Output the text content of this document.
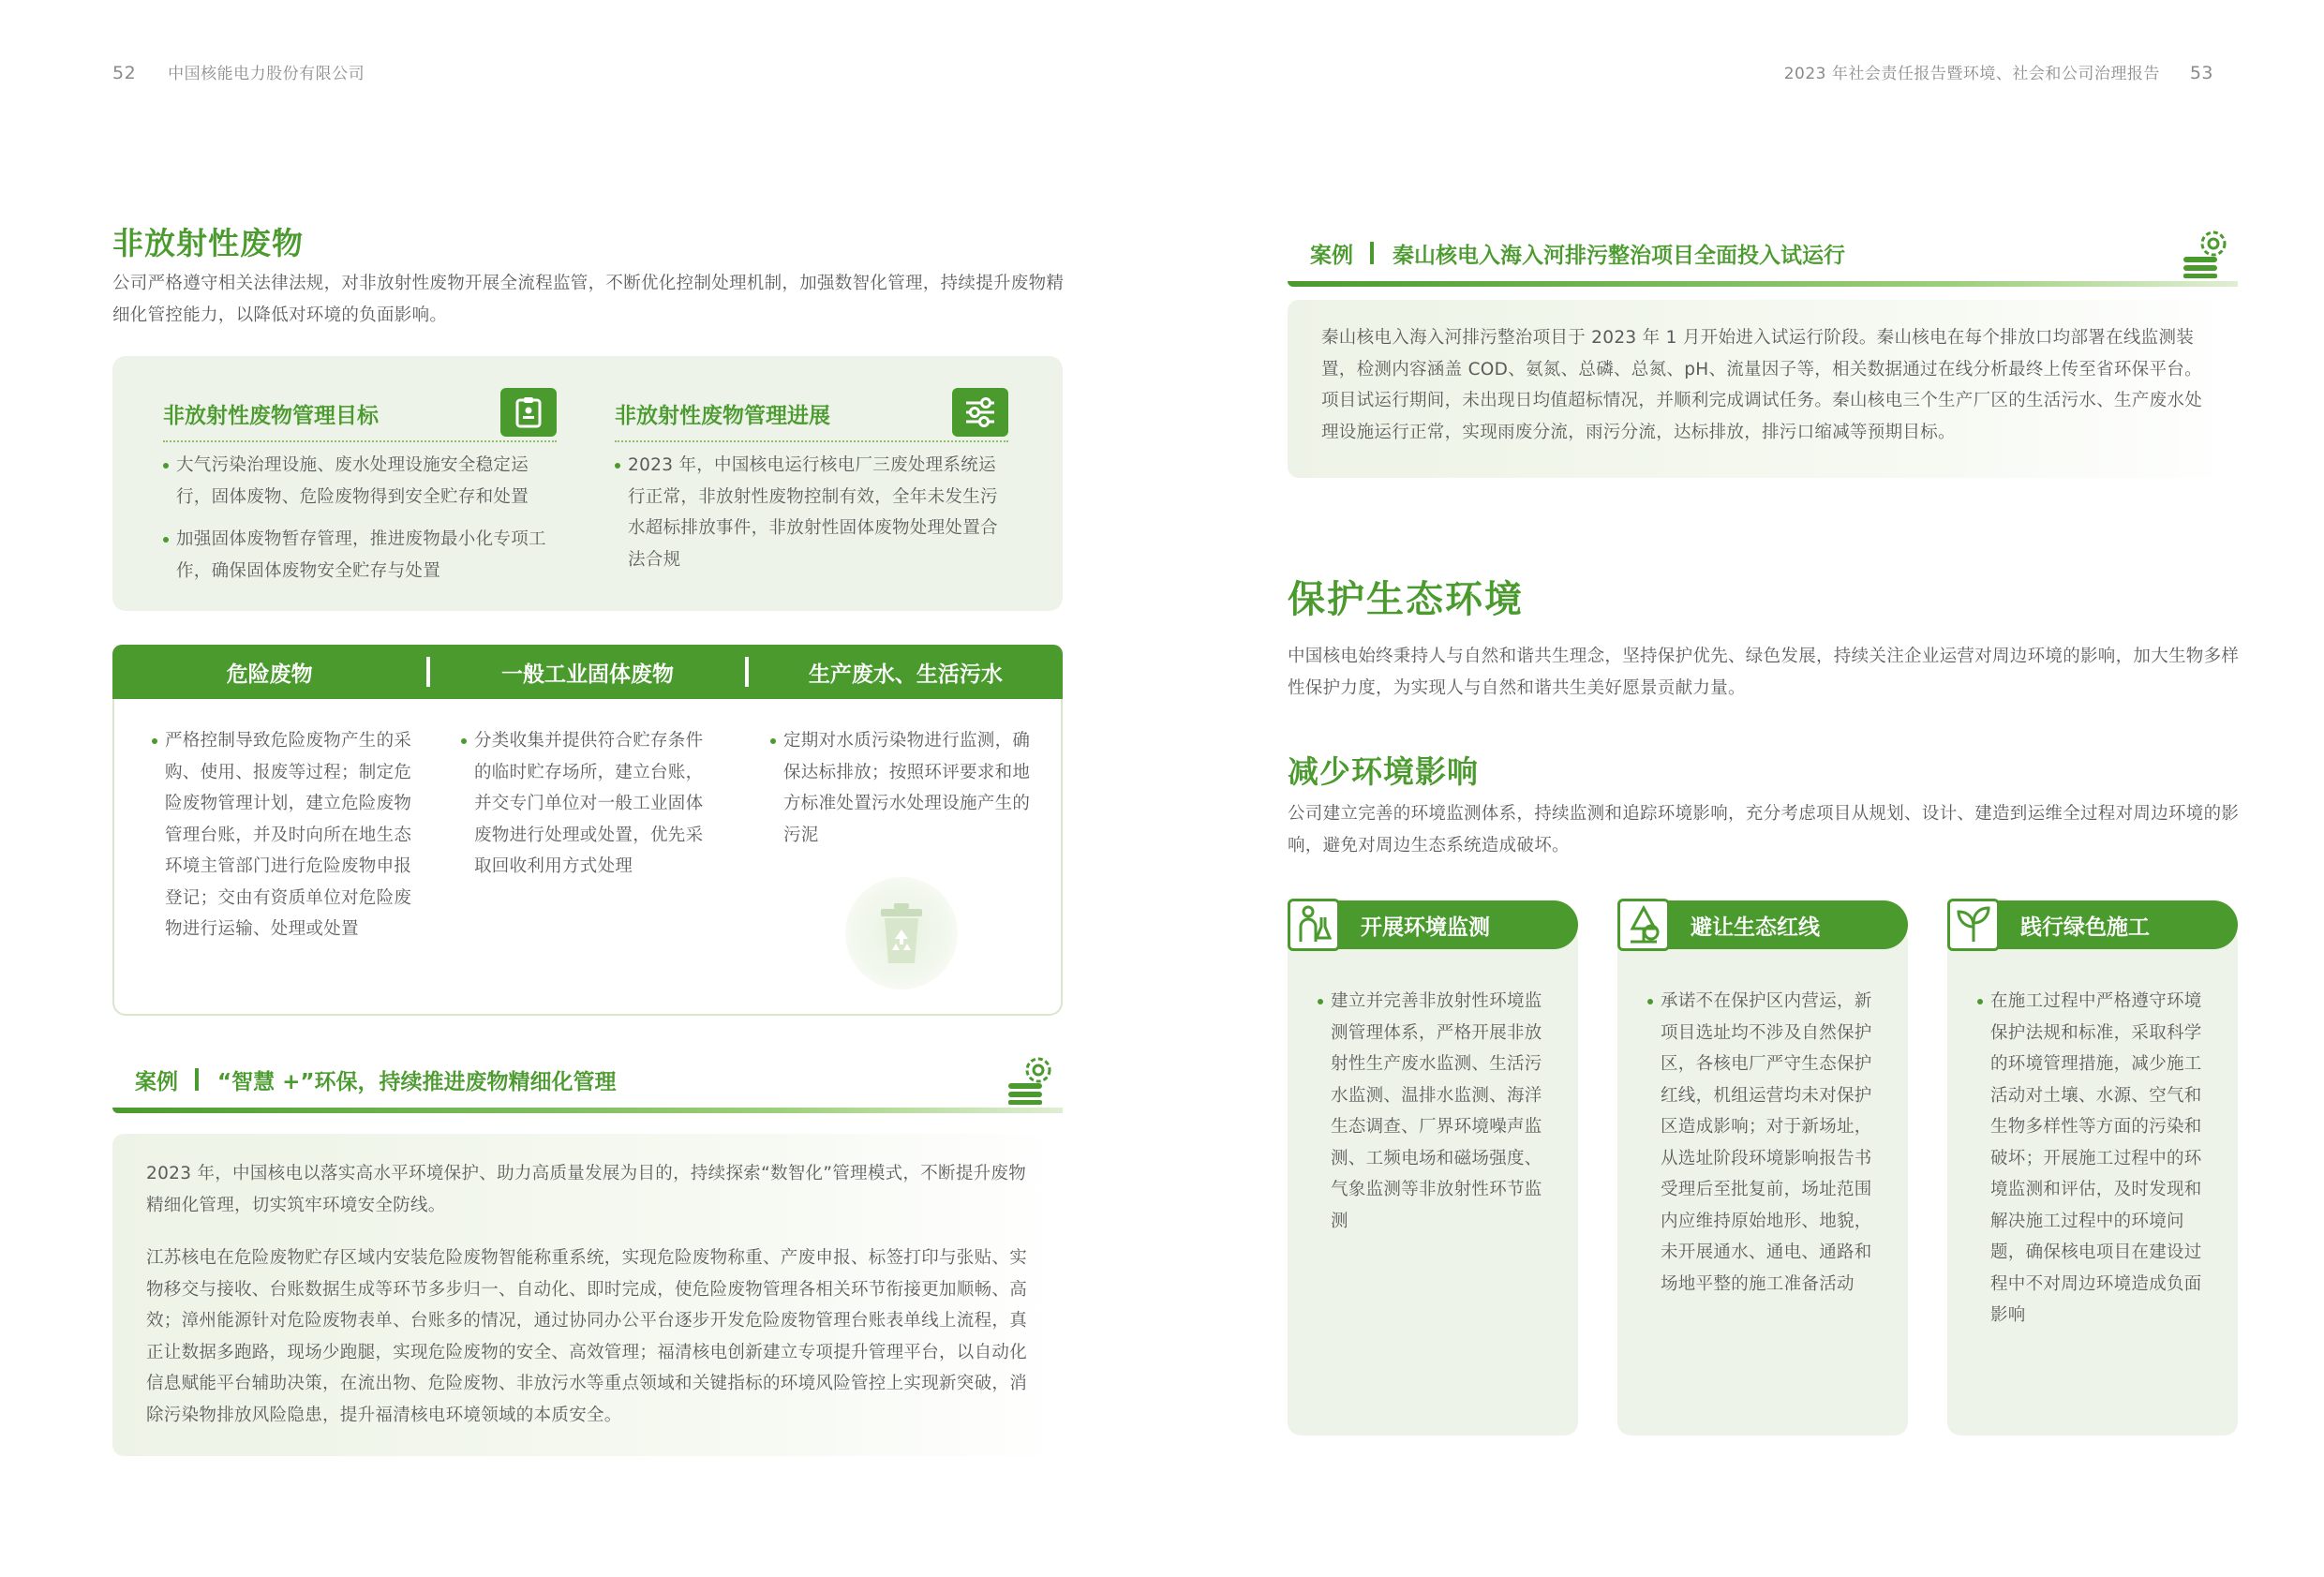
52 中国核能电力股份有限公司	2023 年社会责任报告暨环境、社会和公司治理报告 53
非放射性废物
公司严格遵守相关法律法规，对非放射性废物开展全流程监管，不断优化控制处理机制，加强数智化管理，持续提升废物精细化管控能力，以降低对环境的负面影响。
非放射性废物管理目标
大气污染治理设施、废水处理设施安全稳定运行，固体废物、危险废物得到安全贮存和处置
加强固体废物暂存管理，推进废物最小化专项工作，确保固体废物安全贮存与处置
非放射性废物管理进展
2023 年，中国核电运行核电厂三废处理系统运行正常，非放射性废物控制有效，全年未发生污水超标排放事件，非放射性固体废物处理处置合法合规
危险废物	一般工业固体废物	生产废水、生活污水
严格控制导致危险废物产生的采购、使用、报废等过程；制定危险废物管理计划，建立危险废物管理台账，并及时向所在地生态环境主管部门进行危险废物申报登记；交由有资质单位对危险废物进行运输、处理或处置
分类收集并提供符合贮存条件的临时贮存场所，建立台账，并交专门单位对一般工业固体废物进行处理或处置，优先采取回收利用方式处理
定期对水质污染物进行监测，确保达标排放；按照环评要求和地方标准处置污水处理设施产生的污泥
案例 “智慧 +”环保，持续推进废物精细化管理
2023 年，中国核电以落实高水平环境保护、助力高质量发展为目的，持续探索“数智化”管理模式，不断提升废物精细化管理，切实筑牢环境安全防线。
江苏核电在危险废物贮存区域内安装危险废物智能称重系统，实现危险废物称重、产废申报、标签打印与张贴、实物移交与接收、台账数据生成等环节多步归一、自动化、即时完成，使危险废物管理各相关环节衔接更加顺畅、高效；漳州能源针对危险废物表单、台账多的情况，通过协同办公平台逐步开发危险废物管理台账表单线上流程，真正让数据多跑路，现场少跑腿，实现危险废物的安全、高效管理；福清核电创新建立专项提升管理平台，以自动化信息赋能平台辅助决策，在流出物、危险废物、非放污水等重点领域和关键指标的环境风险管控上实现新突破，消除污染物排放风险隐患，提升福清核电环境领域的本质安全。
案例 秦山核电入海入河排污整治项目全面投入试运行
秦山核电入海入河排污整治项目于 2023 年 1 月开始进入试运行阶段。秦山核电在每个排放口均部署在线监测装置，检测内容涵盖 COD、氨氮、总磷、总氮、pH、流量因子等，相关数据通过在线分析最终上传至省环保平台。项目试运行期间，未出现日均值超标情况，并顺利完成调试任务。秦山核电三个生产厂区的生活污水、生产废水处理设施运行正常，实现雨废分流，雨污分流，达标排放，排污口缩减等预期目标。
保护生态环境
中国核电始终秉持人与自然和谐共生理念，坚持保护优先、绿色发展，持续关注企业运营对周边环境的影响，加大生物多样性保护力度，为实现人与自然和谐共生美好愿景贡献力量。
减少环境影响
公司建立完善的环境监测体系，持续监测和追踪环境影响，充分考虑项目从规划、设计、建造到运维全过程对周边环境的影响，避免对周边生态系统造成破坏。
建立并完善非放射性环境监测管理体系，严格开展非放射性生产废水监测、生活污水监测、温排水监测、海洋生态调查、厂界环境噪声监测、工频电场和磁场强度、气象监测等非放射性环节监测
开展环境监测
承诺不在保护区内营运，新项目选址均不涉及自然保护区，各核电厂严守生态保护红线，机组运营均未对保护区造成影响；对于新场址，从选址阶段环境影响报告书受理后至批复前，场址范围内应维持原始地形、地貌，未开展通水、通电、通路和场地平整的施工准备活动
避让生态红线
在施工过程中严格遵守环境保护法规和标准，采取科学的环境管理措施，减少施工活动对土壤、水源、空气和生物多样性等方面的污染和破坏；开展施工过程中的环境监测和评估，及时发现和解决施工过程中的环境问题，确保核电项目在建设过程中不对周边环境造成负面影响
践行绿色施工
